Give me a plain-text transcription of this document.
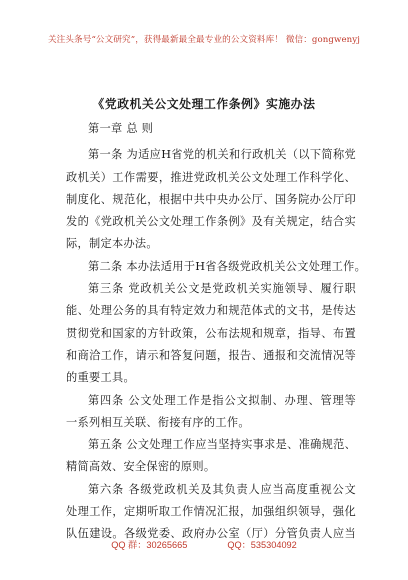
关注头条号“公文研究”，获得最新最全最专业的公文资料库！ 微信：gongwenyj
《党政机关公文处理工作条例》实施办法
第一章 总 则
第一条 为适应H省党的机关和行政机关（以下简称党
政机关）工作需要，推进党政机关公文处理工作科学化、
制度化、规范化，根据中共中央办公厅、国务院办公厅印
发的《党政机关公文处理工作条例》及有关规定，结合实
际，制定本办法。
第二条 本办法适用于H省各级党政机关公文处理工作。
第三条 党政机关公文是党政机关实施领导、履行职
能、处理公务的具有特定效力和规范体式的文书，是传达
贯彻党和国家的方针政策，公布法规和规章，指导、布置
和商洽工作，请示和答复问题，报告、通报和交流情况等
的重要工具。
第四条 公文处理工作是指公文拟制、办理、管理等
一系列相互关联、衔接有序的工作。
第五条 公文处理工作应当坚持实事求是、准确规范、
精简高效、安全保密的原则。
第六条 各级党政机关及其负责人应当高度重视公文
处理工作，定期听取工作情况汇报，加强组织领导，强化
队伍建设。各级党委、政府办公室（厅）分管负责人应当
QQ 群：30265665	QQ：535304092
